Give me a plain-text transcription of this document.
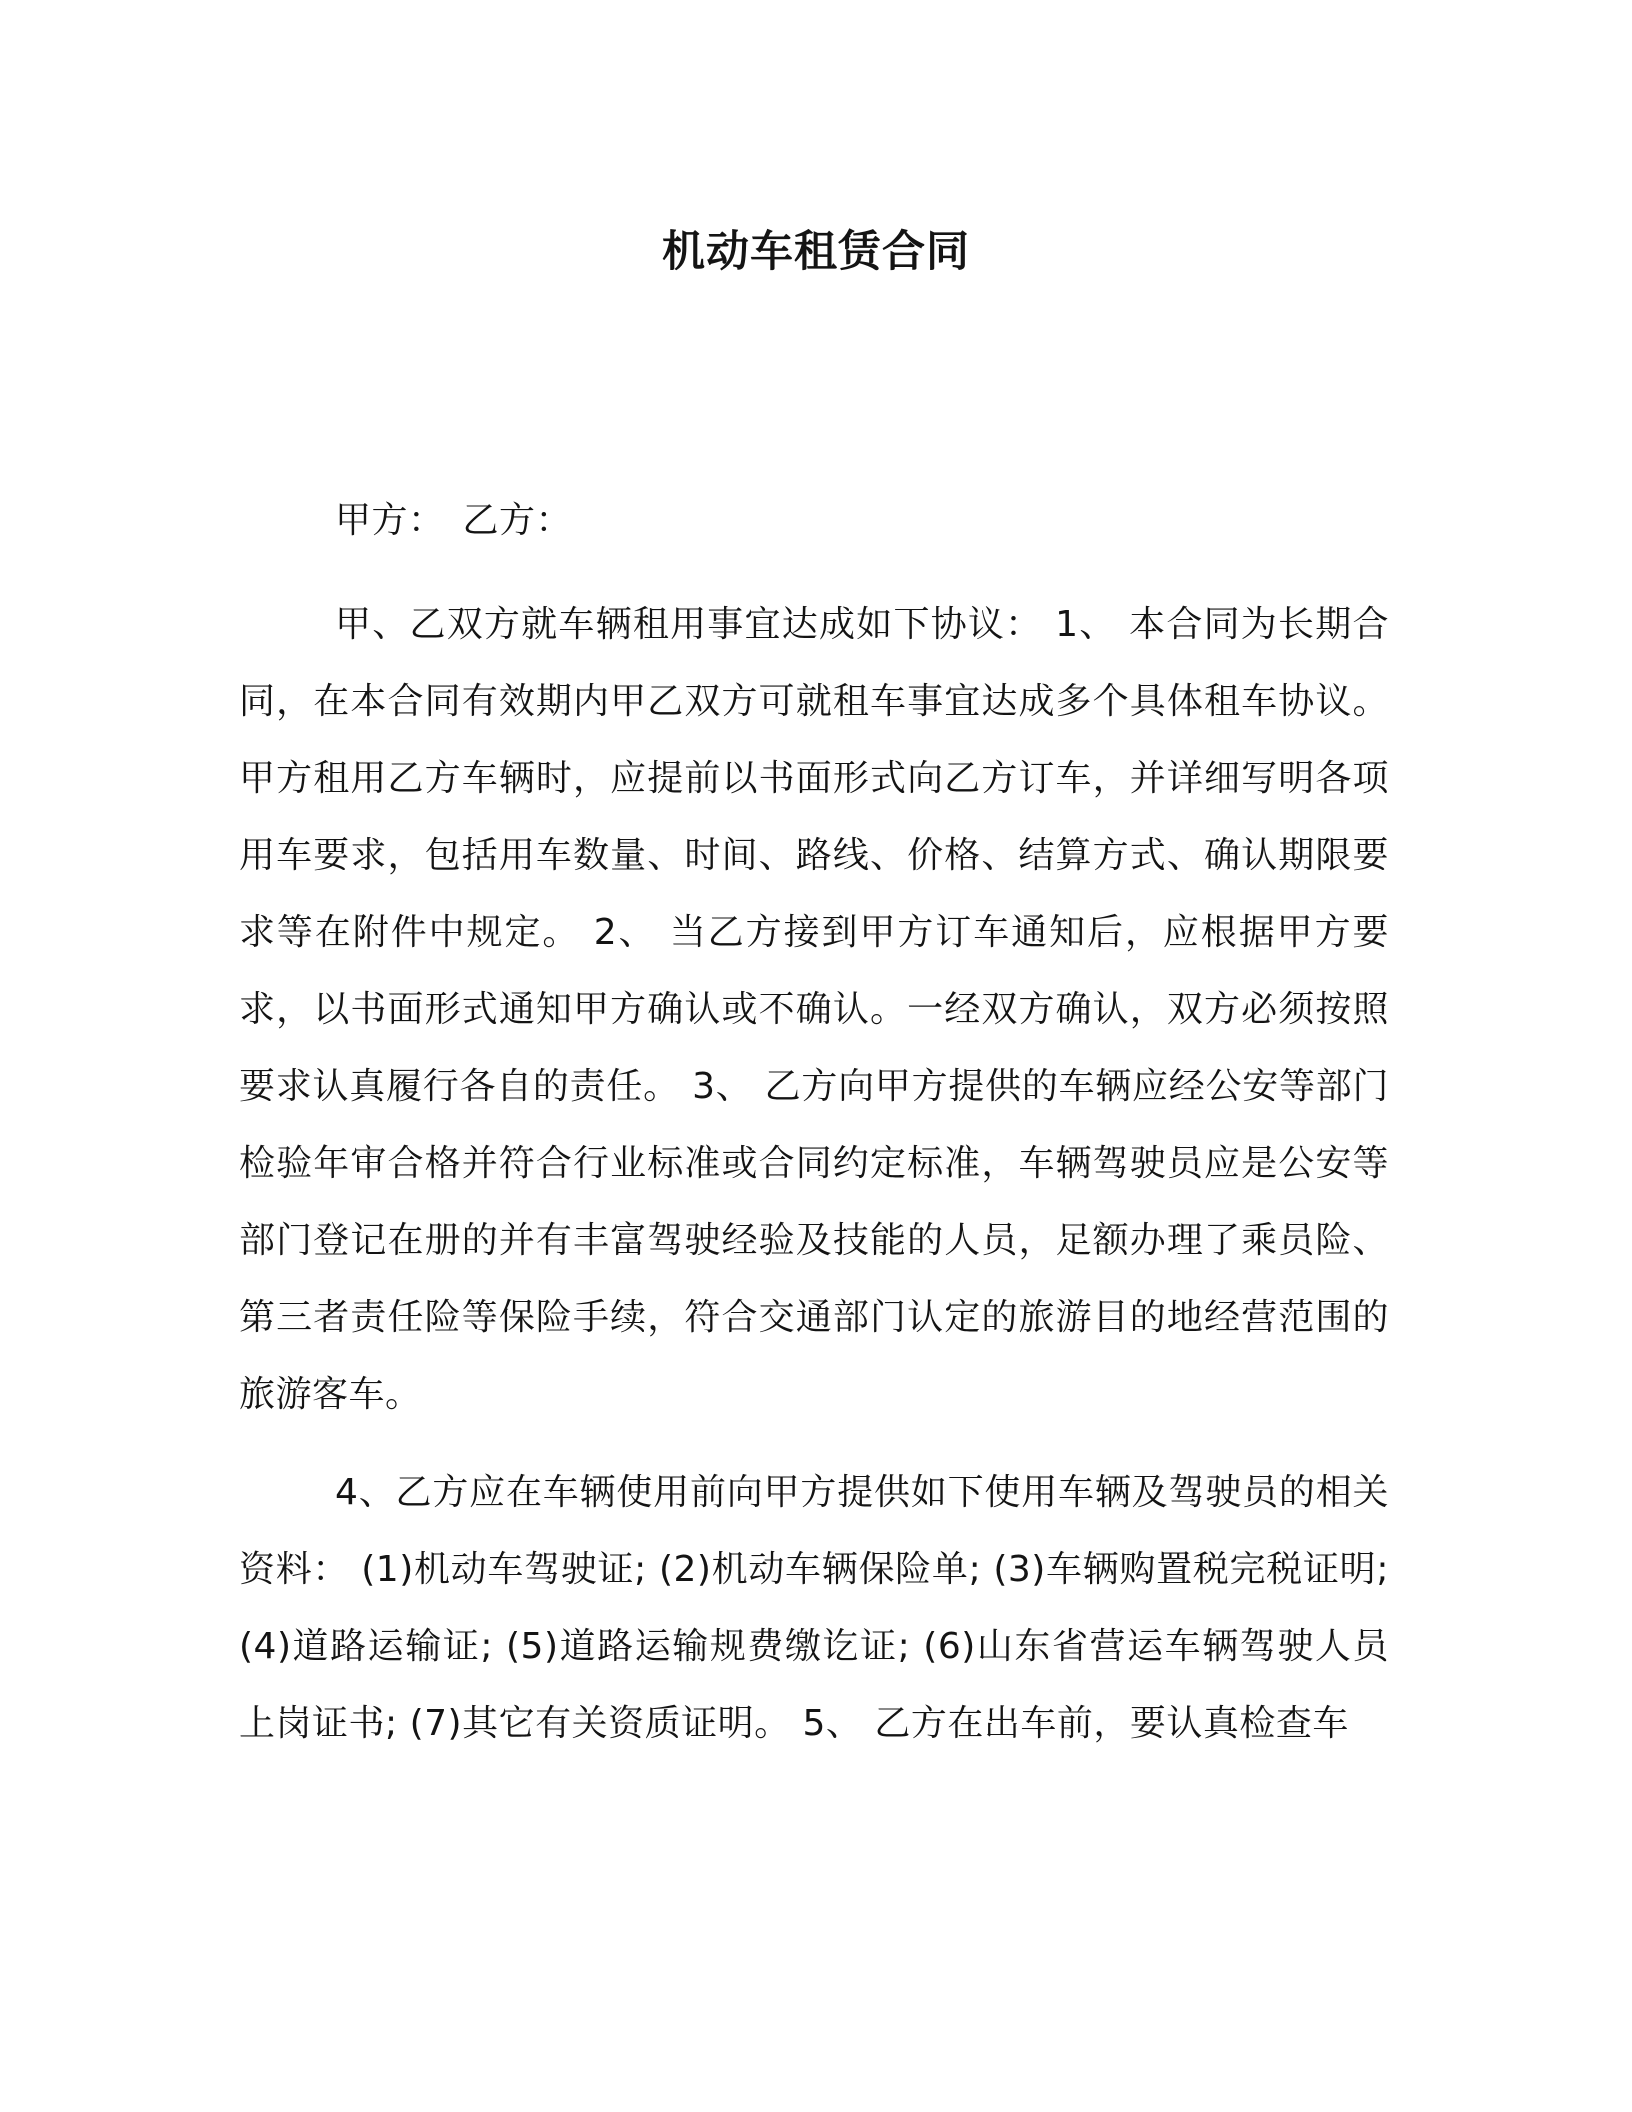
机动车租赁合同
甲方： 乙方：
甲、乙双方就车辆租用事宜达成如下协议： 1、 本合同为长期合同，在本合同有效期内甲乙双方可就租车事宜达成多个具体租车协议。甲方租用乙方车辆时，应提前以书面形式向乙方订车，并详细写明各项用车要求，包括用车数量、时间、路线、价格、结算方式、确认期限要求等在附件中规定。 2、 当乙方接到甲方订车通知后，应根据甲方要求，以书面形式通知甲方确认或不确认。一经双方确认，双方必须按照要求认真履行各自的责任。 3、 乙方向甲方提供的车辆应经公安等部门检验年审合格并符合行业标准或合同约定标准，车辆驾驶员应是公安等部门登记在册的并有丰富驾驶经验及技能的人员，足额办理了乘员险、第三者责任险等保险手续，符合交通部门认定的旅游目的地经营范围的旅游客车。
4、乙方应在车辆使用前向甲方提供如下使用车辆及驾驶员的相关资料： (1)机动车驾驶证; (2)机动车辆保险单; (3)车辆购置税完税证明; (4)道路运输证; (5)道路运输规费缴讫证; (6)山东省营运车辆驾驶人员上岗证书; (7)其它有关资质证明。 5、 乙方在出车前，要认真检查车
